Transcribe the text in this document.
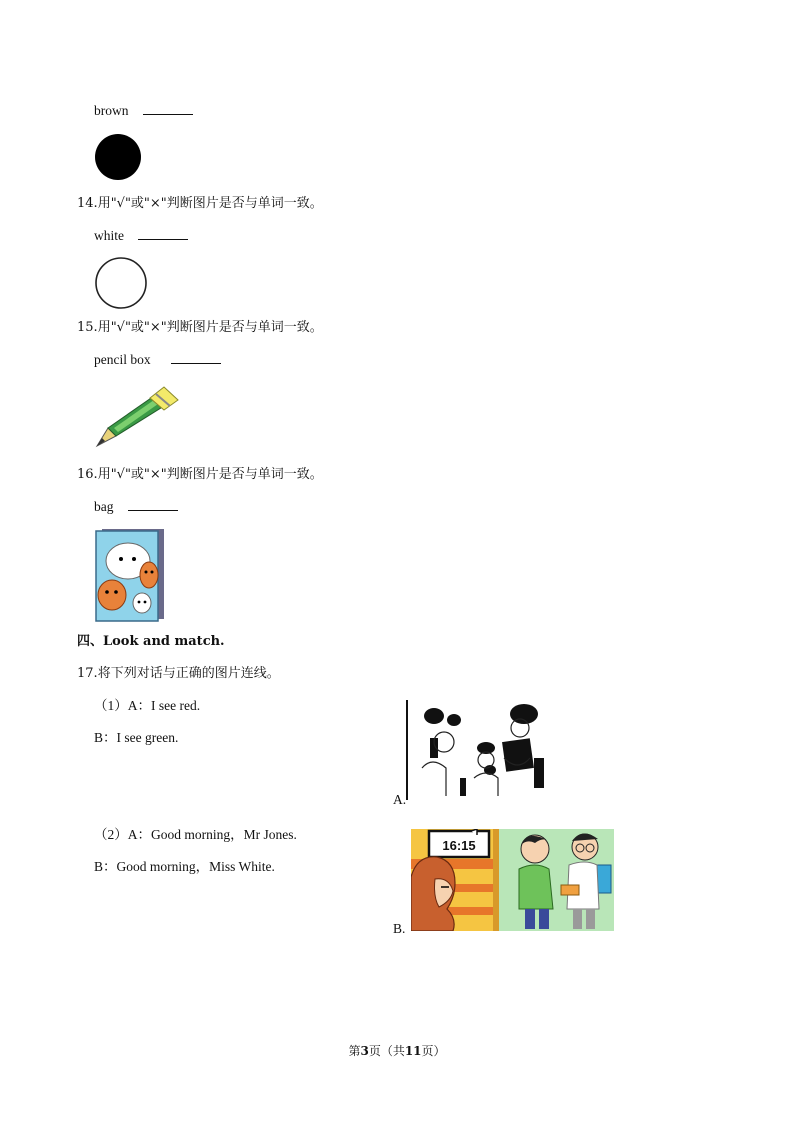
brown
14.用"√"或"×"判断图片是否与单词一致。
white
15.用"√"或"×"判断图片是否与单词一致。
pencil box
16.用"√"或"×"判断图片是否与单词一致。
bag
四、Look and match.
17.将下列对话与正确的图片连线。
（1）A：I see red.
B：I see green.
（2）A：Good morning，Mr Jones.
B：Good morning，Miss White.
A.
B.
16:15
第3页（共11页）
